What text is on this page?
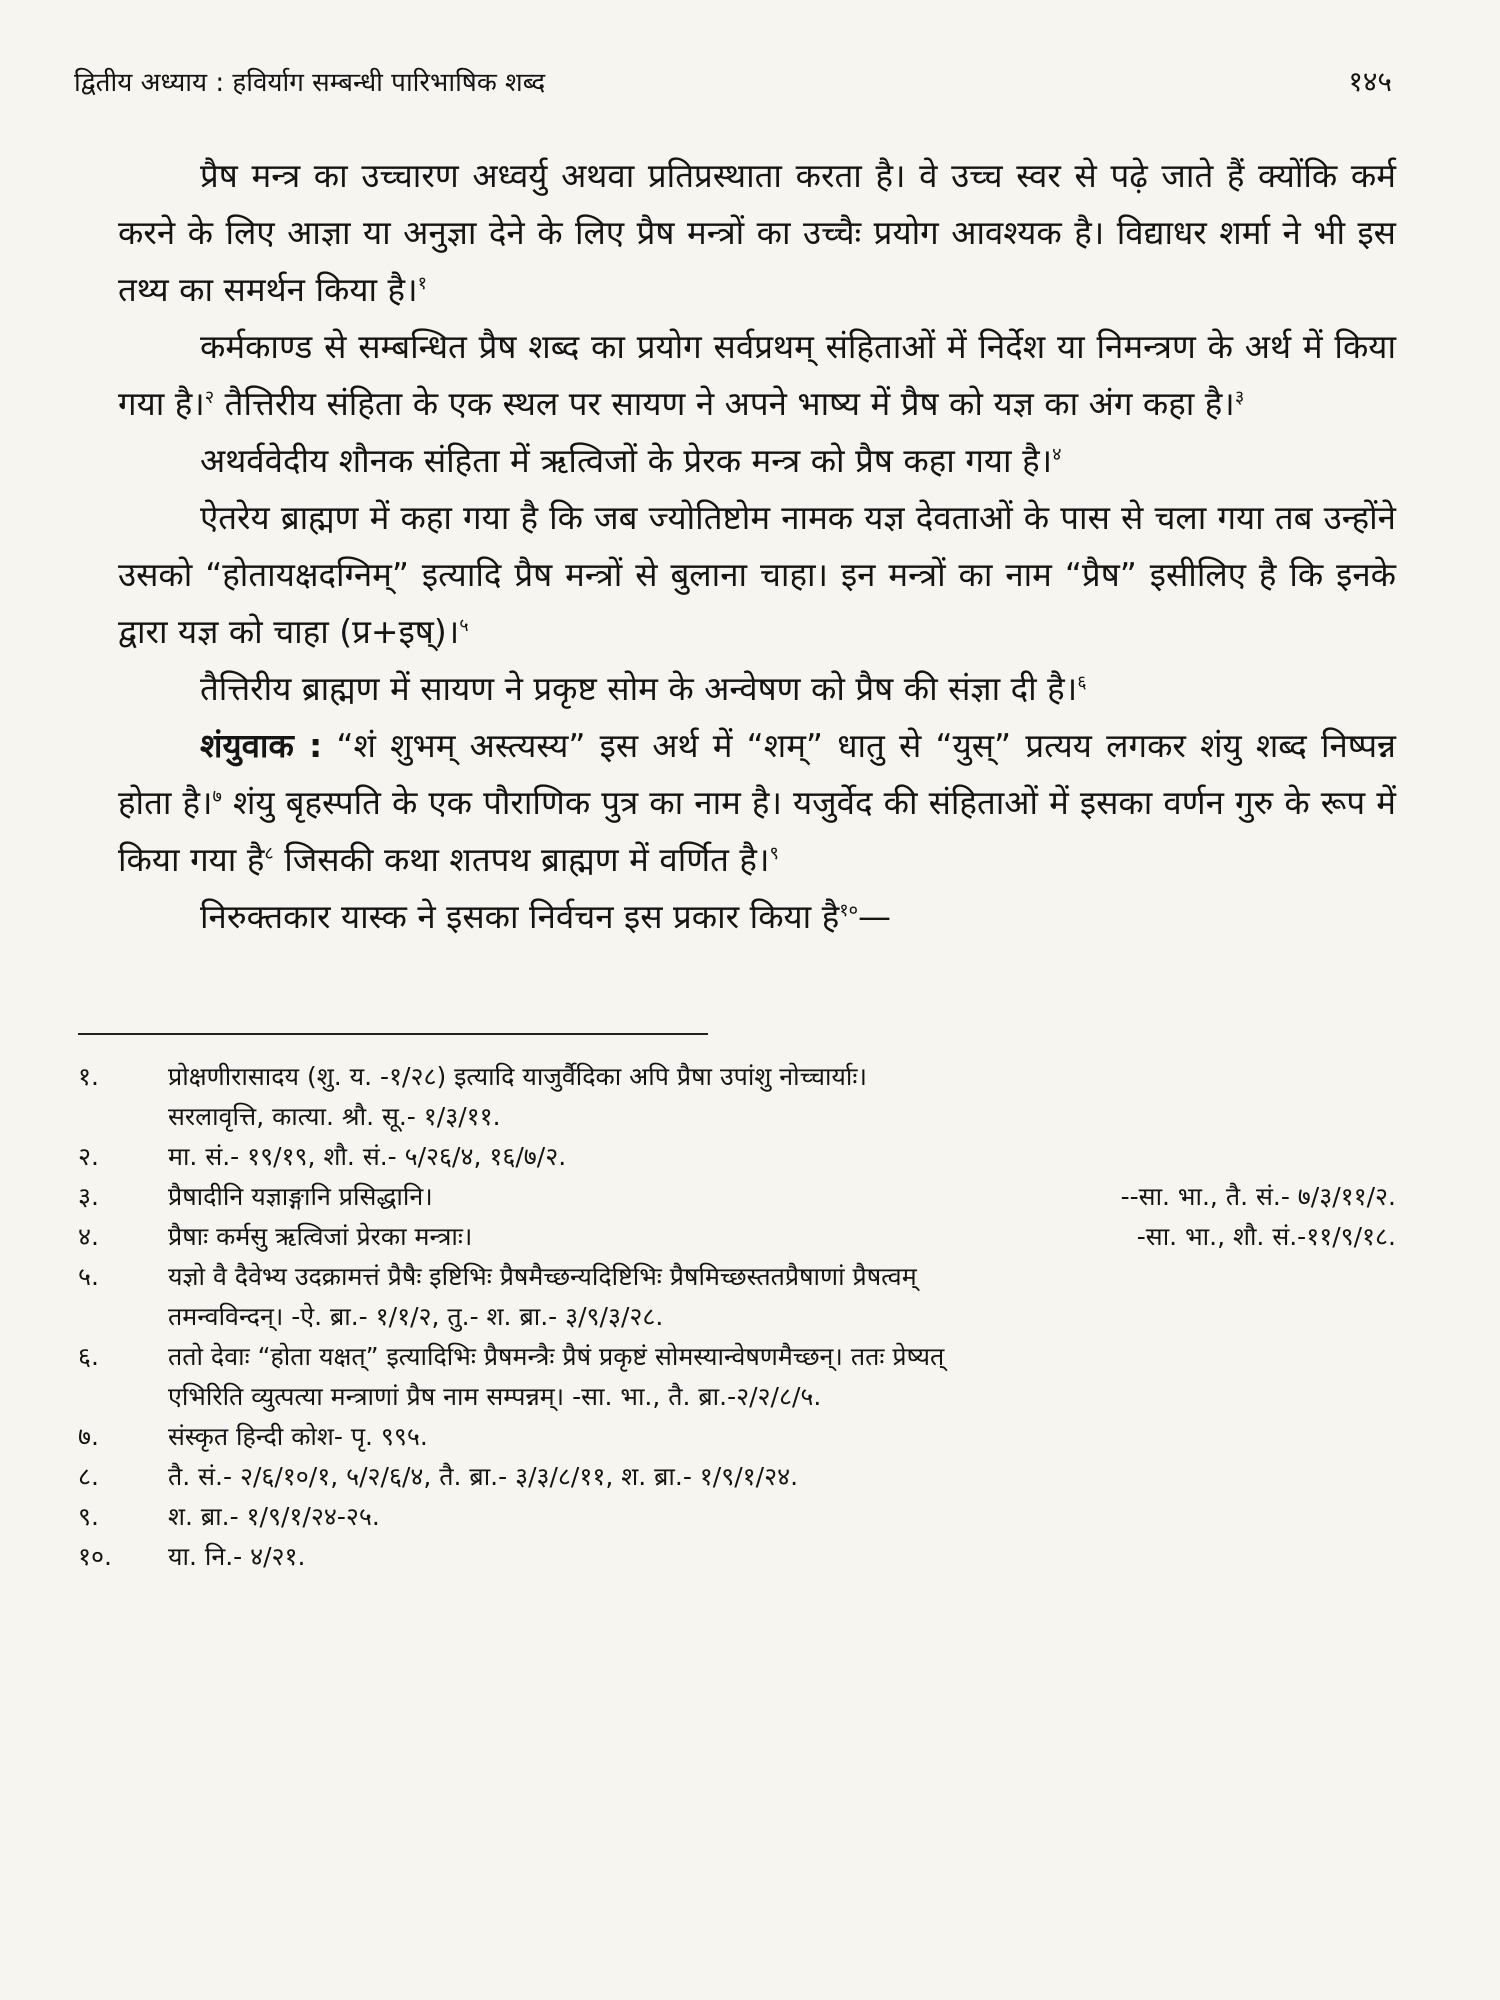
द्वितीय अध्याय : हविर्याग सम्बन्धी पारिभाषिक शब्द	१४५

प्रैष मन्त्र का उच्चारण अध्वर्यु अथवा प्रतिप्रस्थाता करता है। वे उच्च स्वर से पढ़े जाते हैं क्योंकि कर्म करने के लिए आज्ञा या अनुज्ञा देने के लिए प्रैष मन्त्रों का उच्चैः प्रयोग आवश्यक है। विद्याधर शर्मा ने भी इस तथ्य का समर्थन किया है।$^१$

कर्मकाण्ड से सम्बन्धित प्रैष शब्द का प्रयोग सर्वप्रथम् संहिताओं में निर्देश या निमन्त्रण के अर्थ में किया गया है।$^२$ तैत्तिरीय संहिता के एक स्थल पर सायण ने अपने भाष्य में प्रैष को यज्ञ का अंग कहा है।$^३$

अथर्ववेदीय शौनक संहिता में ऋत्विजों के प्रेरक मन्त्र को प्रैष कहा गया है।$^४$

ऐतरेय ब्राह्मण में कहा गया है कि जब ज्योतिष्टोम नामक यज्ञ देवताओं के पास से चला गया तब उन्होंने उसको “होतायक्षदग्निम्” इत्यादि प्रैष मन्त्रों से बुलाना चाहा। इन मन्त्रों का नाम “प्रैष” इसीलिए है कि इनके द्वारा यज्ञ को चाहा (प्र+इष्)।$^५$

तैत्तिरीय ब्राह्मण में सायण ने प्रकृष्ट सोम के अन्वेषण को प्रैष की संज्ञा दी है।$^६$

शंयुवाक : “शं शुभम् अस्त्यस्य” इस अर्थ में “शम्” धातु से “युस्” प्रत्यय लगकर शंयु शब्द निष्पन्न होता है।$^७$ शंयु बृहस्पति के एक पौराणिक पुत्र का नाम है। यजुर्वेद की संहिताओं में इसका वर्णन गुरु के रूप में किया गया है$^८$ जिसकी कथा शतपथ ब्राह्मण में वर्णित है।$^९$

निरुक्तकार यास्क ने इसका निर्वचन इस प्रकार किया है$^{१०}$—

१.	प्रोक्षणीरासादय (शु. य. -१/२८) इत्यादि याजुर्वैदिका अपि प्रैषा उपांशु नोच्चार्याः।
सरलावृत्ति, कात्या. श्रौ. सू.- १/३/११.
२.	मा. सं.- १९/१९, शौ. सं.- ५/२६/४, १६/७/२.
३.	प्रैषादीनि यज्ञाङ्गानि प्रसिद्धानि।	--सा. भा., तै. सं.- ७/३/११/२.
४.	प्रैषाः कर्मसु ऋत्विजां प्रेरका मन्त्राः।	-सा. भा., शौ. सं.-११/९/१८.
५.	यज्ञो वै दैवेभ्य उदक्रामत्तं प्रैषैः इष्टिभिः प्रैषमैच्छन्यदिष्टिभिः प्रैषमिच्छस्ततप्रैषाणां प्रैषत्वम्
तमन्वविन्दन्। -ऐ. ब्रा.- १/१/२, तु.- श. ब्रा.- ३/९/३/२८.
६.	ततो देवाः “होता यक्षत्” इत्यादिभिः प्रैषमन्त्रैः प्रैषं प्रकृष्टं सोमस्यान्वेषणमैच्छन्। ततः प्रेष्यत्
एभिरिति व्युत्पत्या मन्त्राणां प्रैष नाम सम्पन्नम्। -सा. भा., तै. ब्रा.-२/२/८/५.
७.	संस्कृत हिन्दी कोश- पृ. ९९५.
८.	तै. सं.- २/६/१०/१, ५/२/६/४, तै. ब्रा.- ३/३/८/११, श. ब्रा.- १/९/१/२४.
९.	श. ब्रा.- १/९/१/२४-२५.
१०.	या. नि.- ४/२१.
